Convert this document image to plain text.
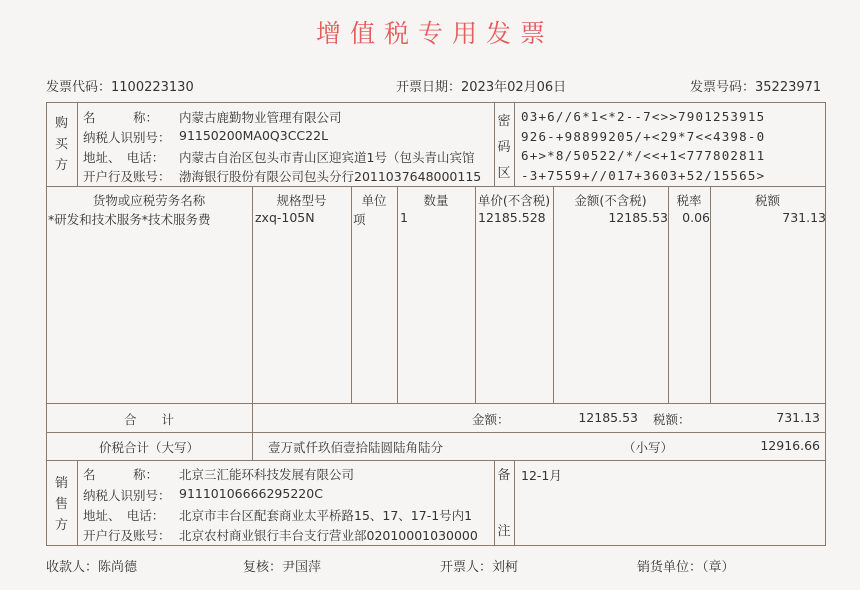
增值税专用发票
发票代码：1100223130	开票日期：2023年02月06日	发票号码：35223971
购
买
方
名　　　称： 内蒙古鹿勤物业管理有限公司
纳税人识别号： 91150200MA0Q3CC22L
地址、　电话： 内蒙古自治区包头市青山区迎宾道1号（包头青山宾馆
开户行及账号： 渤海银行股份有限公司包头分行2011037648000115
密
码
区
03+6//6*1<*2--7<>>7901253915
926-+98899205/+<29*7<<4398-0
6+>*8/50522/*/<<+1<777802811
-3+7559+//017+3603+52/15565>
货物或应税劳务名称	规格型号	单位	数量	单价(不含税)	金额(不含税)	税率	税额
*研发和技术服务*技术服务费	zxq-105N	项	1	12185.528	12185.53	0.06	731.13
合　　计	金额：	12185.53 税额：	731.13
价税合计（大写）	壹万贰仟玖佰壹拾陆圆陆角陆分	（小写）	12916.66
销
售
方
名　　　称： 北京三汇能环科技发展有限公司
纳税人识别号： 91110106666295220C
地址、　电话： 北京市丰台区配套商业太平桥路15、17、17-1号内1
开户行及账号： 北京农村商业银行丰台支行营业部02010001030000
备
注
12-1月
收款人：陈尚德	复核：尹国萍	开票人：刘柯	销货单位：（章）
